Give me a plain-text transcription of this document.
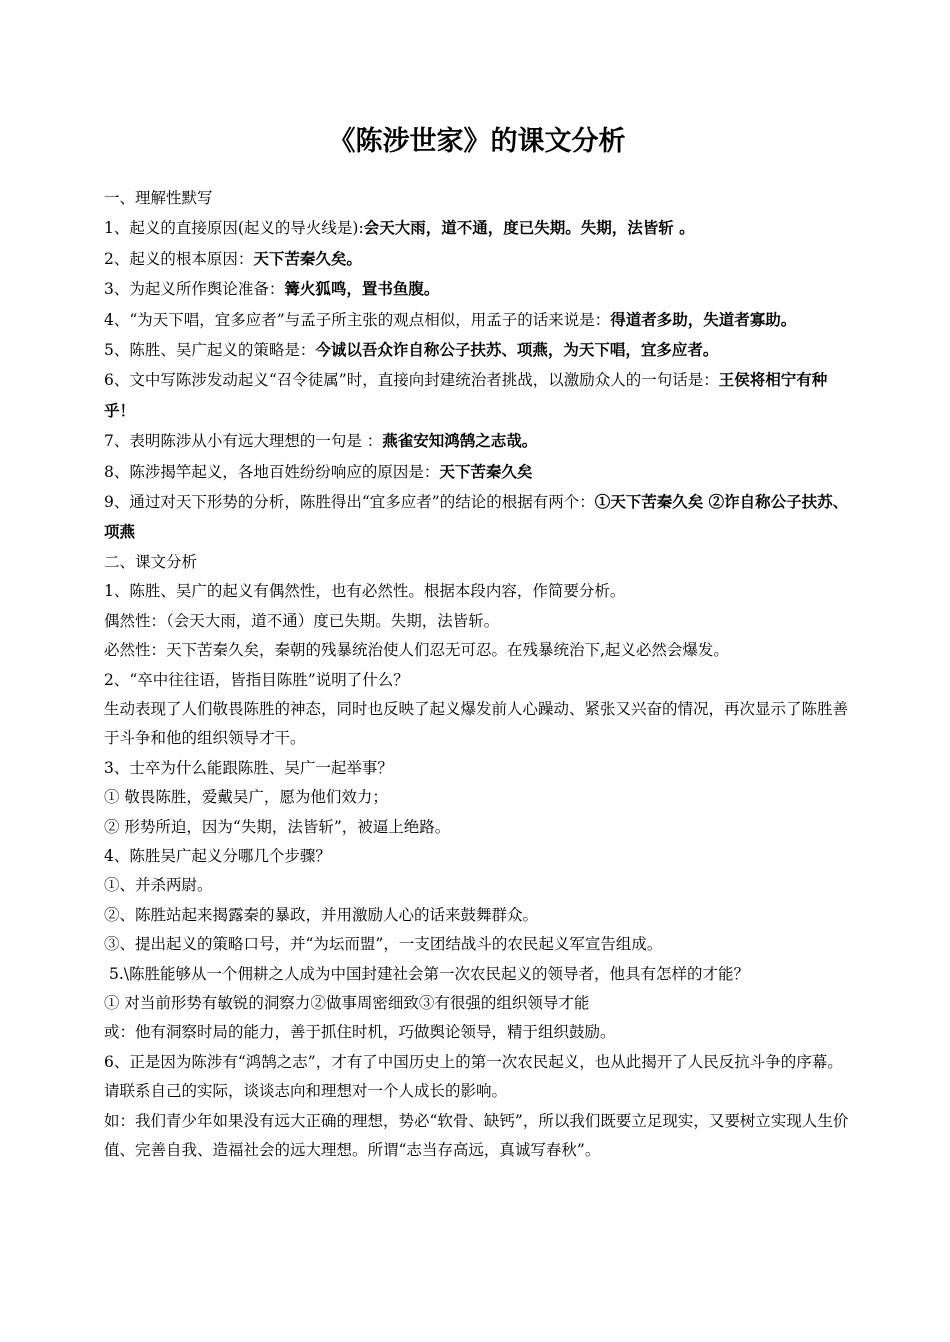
《陈涉世家》的课文分析

一、理解性默写

1、起义的直接原因(起义的导火线是):会天大雨，道不通，度已失期。失期，法皆斩 。

2、起义的根本原因：天下苦秦久矣。

3、为起义所作舆论准备：篝火狐鸣，置书鱼腹。

4、“为天下唱，宜多应者”与孟子所主张的观点相似，用孟子的话来说是：得道者多助，失道者寡助。

5、陈胜、吴广起义的策略是：今诚以吾众诈自称公子扶苏、项燕，为天下唱，宜多应者。

6、文中写陈涉发动起义“召令徒属”时，直接向封建统治者挑战，以激励众人的一句话是：王侯将相宁有种乎！

7、表明陈涉从小有远大理想的一句是 ：燕雀安知鸿鹄之志哉。

8、陈涉揭竿起义，各地百姓纷纷响应的原因是：天下苦秦久矣

9、通过对天下形势的分析，陈胜得出“宜多应者”的结论的根据有两个：①天下苦秦久矣 ②诈自称公子扶苏、项燕

二、课文分析

1、陈胜、吴广的起义有偶然性，也有必然性。根据本段内容，作简要分析。

偶然性：（会天大雨，道不通）度已失期。失期，法皆斩。

必然性：天下苦秦久矣，秦朝的残暴统治使人们忍无可忍。在残暴统治下,起义必然会爆发。

2、“卒中往往语，皆指目陈胜”说明了什么？

生动表现了人们敬畏陈胜的神态，同时也反映了起义爆发前人心躁动、紧张又兴奋的情况，再次显示了陈胜善于斗争和他的组织领导才干。

3、士卒为什么能跟陈胜、吴广一起举事？

① 敬畏陈胜，爱戴吴广，愿为他们效力；

② 形势所迫，因为“失期，法皆斩”，被逼上绝路。

4、陈胜吴广起义分哪几个步骤？

①、并杀两尉。

②、陈胜站起来揭露秦的暴政，并用激励人心的话来鼓舞群众。

③、提出起义的策略口号，并“为坛而盟”，一支团结战斗的农民起义军宣告组成。

5.\陈胜能够从一个佣耕之人成为中国封建社会第一次农民起义的领导者，他具有怎样的才能？

① 对当前形势有敏锐的洞察力②做事周密细致③有很强的组织领导才能

或：他有洞察时局的能力，善于抓住时机，巧做舆论领导，精于组织鼓励。

6、正是因为陈涉有“鸿鹄之志”，才有了中国历史上的第一次农民起义，也从此揭开了人民反抗斗争的序幕。请联系自己的实际，谈谈志向和理想对一个人成长的影响。

如：我们青少年如果没有远大正确的理想，势必“软骨、缺钙”，所以我们既要立足现实，又要树立实现人生价值、完善自我、造福社会的远大理想。所谓“志当存高远，真诚写春秋”。
